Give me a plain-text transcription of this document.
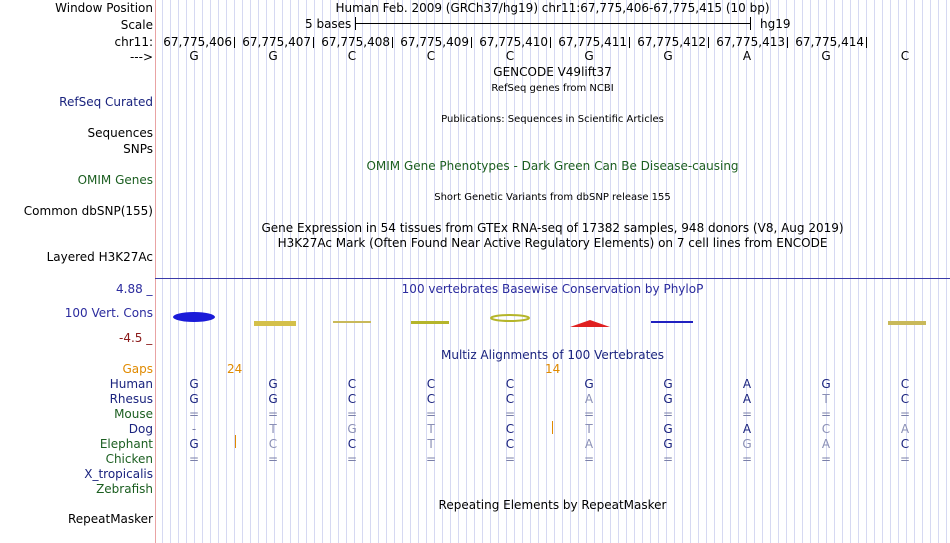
Window Position	Human Feb. 2009 (GRCh37/hg19) chr11:67,775,406-67,775,415 (10 bp)
Scale	5 bases	hg19
chr11: 67,775,406 67,775,407 67,775,408 67,775,409 67,775,410 67,775,411 67,775,412 67,775,413 67,775,414
--->	G	G	C	C	C	G	G	A	G	C
GENCODE V49lift37
RefSeq genes from NCBI
RefSeq Curated
Publications: Sequences in Scientific Articles
Sequences
SNPs
OMIM Gene Phenotypes - Dark Green Can Be Disease-causing
OMIM Genes
Short Genetic Variants from dbSNP release 155
Common dbSNP(155)
Gene Expression in 54 tissues from GTEx RNA-seq of 17382 samples, 948 donors (V8, Aug 2019)
H3K27Ac Mark (Often Found Near Active Regulatory Elements) on 7 cell lines from ENCODE
Layered H3K27Ac
4.88 _	100 vertebrates Basewise Conservation by PhyloP
100 Vert. Cons
-4.5 _
Multiz Alignments of 100 Vertebrates
Gaps	24	14
Human	G	G	C	C	C	G	G	A	G	C
Rhesus	G	G	C	C	C	A	G	A	T	C
Mouse	=	=	=	=	=	=	=	=	=	=
Dog	-	T	G	T	C	T	G	A	C	A
Elephant	G	C	C	T	C	A	G	G	A	C
Chicken	=	=	=	=	=	=	=	=	=	=
X_tropicalis
Zebrafish
Repeating Elements by RepeatMasker
RepeatMasker
